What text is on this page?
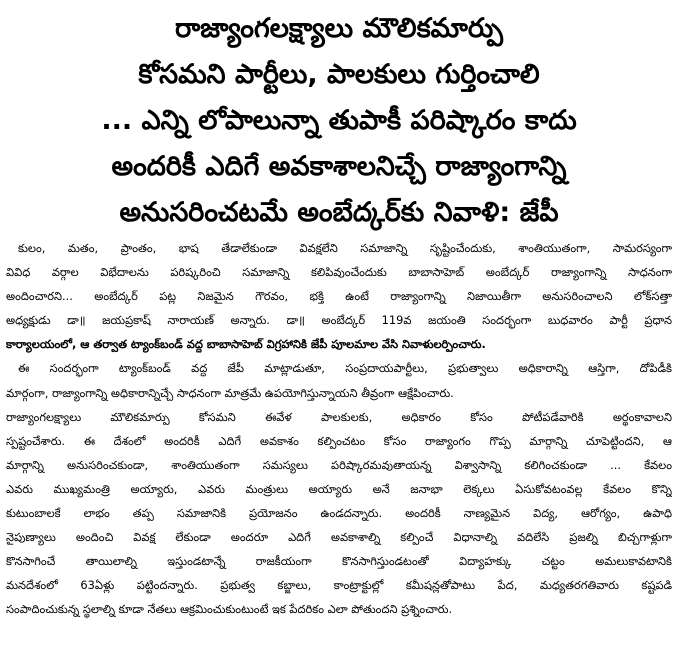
రాజ్యాంగలక్ష్యాలు మౌలికమార్పు
కోసమని పార్టీలు, పాలకులు గుర్తించాలి
... ఎన్ని లోపాలున్నా తుపాకీ పరిష్కారం కాదు
అందరికీ ఎదిగే అవకాశాలనిచ్చే రాజ్యాంగాన్ని
అనుసరించటమే అంబేద్కర్‌కు నివాళి: జేపీ

కులం, మతం, ప్రాంతం, భాష తేడాలేకుండా వివక్షలేని సమాజాన్ని సృష్టించేందుకు, శాంతియుతంగా, సామరస్యంగా
వివిధ వర్గాల విభేదాలను పరిష్కరించి సమాజాన్ని కలిపివుంచేందుకు బాబాసాహెబ్ అంబేద్కర్ రాజ్యాంగాన్ని సాధనంగా
అందించారని... అంబేద్కర్ పట్ల నిజమైన గౌరవం, భక్తి ఉంటే రాజ్యాంగాన్ని నిజాయితీగా అనుసరించాలని లోక్‌సత్తా
అధ్యక్షుడు డా॥ జయప్రకాష్ నారాయణ్ అన్నారు. డా॥ అంబేద్కర్ 119వ జయంతి సందర్భంగా బుధవారం పార్టీ ప్రధాన
కార్యాలయంలో, ఆ తర్వాత ట్యాంక్‌బండ్ వద్ద బాబాసాహెబ్ విగ్రహానికి జేపీ పూలమాల వేసి నివాళులర్పించారు.

ఈ సందర్భంగా ట్యాంక్‌బండ్ వద్ద జేపీ మాట్లాడుతూ, సంప్రదాయపార్టీలు, ప్రభుత్వాలు అధికారాన్ని ఆస్తిగా, దోపిడీకి
మార్గంగా, రాజ్యాంగాన్ని అధికారాన్నిచ్చే సాధనంగా మాత్రమే ఉపయోగిస్తున్నాయని తీవ్రంగా ఆక్షేపించారు.
రాజ్యాంగలక్ష్యాలు మౌలికమార్పు కోసమని ఈవేళ పాలకులకు, అధికారం కోసం పోటీపడేవారికి అర్థంకావాలని
స్పష్టంచేశారు. ఈ దేశంలో అందరికీ ఎదిగే అవకాశం కల్పించటం కోసం రాజ్యాంగం గొప్ప మార్గాన్ని చూపెట్టిందని, ఆ
మార్గాన్ని అనుసరించకుండా, శాంతియుతంగా సమస్యలు పరిష్కారమవుతాయన్న విశ్వాసాన్ని కలిగించకుండా ... కేవలం
ఎవరు ముఖ్యమంత్రి అయ్యారు, ఎవరు మంత్రులు అయ్యారు అనే జనాభా లెక్కలు ఏసుకోవటంవల్ల కేవలం కొన్ని
కుటుంబాలకే లాభం తప్ప సమాజానికి ప్రయోజనం ఉండదన్నారు. అందరికీ నాణ్యమైన విద్య, ఆరోగ్యం, ఉపాధి
నైపుణ్యాలు అందించి వివక్ష లేకుండా అందరూ ఎదిగే అవకాశాల్ని కల్పించే విధానాల్ని వదిలేసి ప్రజల్ని బిచ్చగాళ్లుగా
కొనసాగించే తాయిలాల్ని ఇస్తుండటాన్నే రాజకీయంగా కొనసాగిస్తుండటంతో విద్యాహక్కు చట్టం అమలుకావటానికి
మనదేశంలో 63ఏళ్లు పట్టిందన్నారు. ప్రభుత్వ కబ్జాలు, కాంట్రాక్టుల్లో కమీషన్లతోపాటు పేద, మధ్యతరగతివారు కష్టపడి
సంపాదించుకున్న స్థలాల్ని కూడా నేతలు ఆక్రమించుకుంటుంటే ఇక పేదరికం ఎలా పోతుందని ప్రశ్నించారు.
